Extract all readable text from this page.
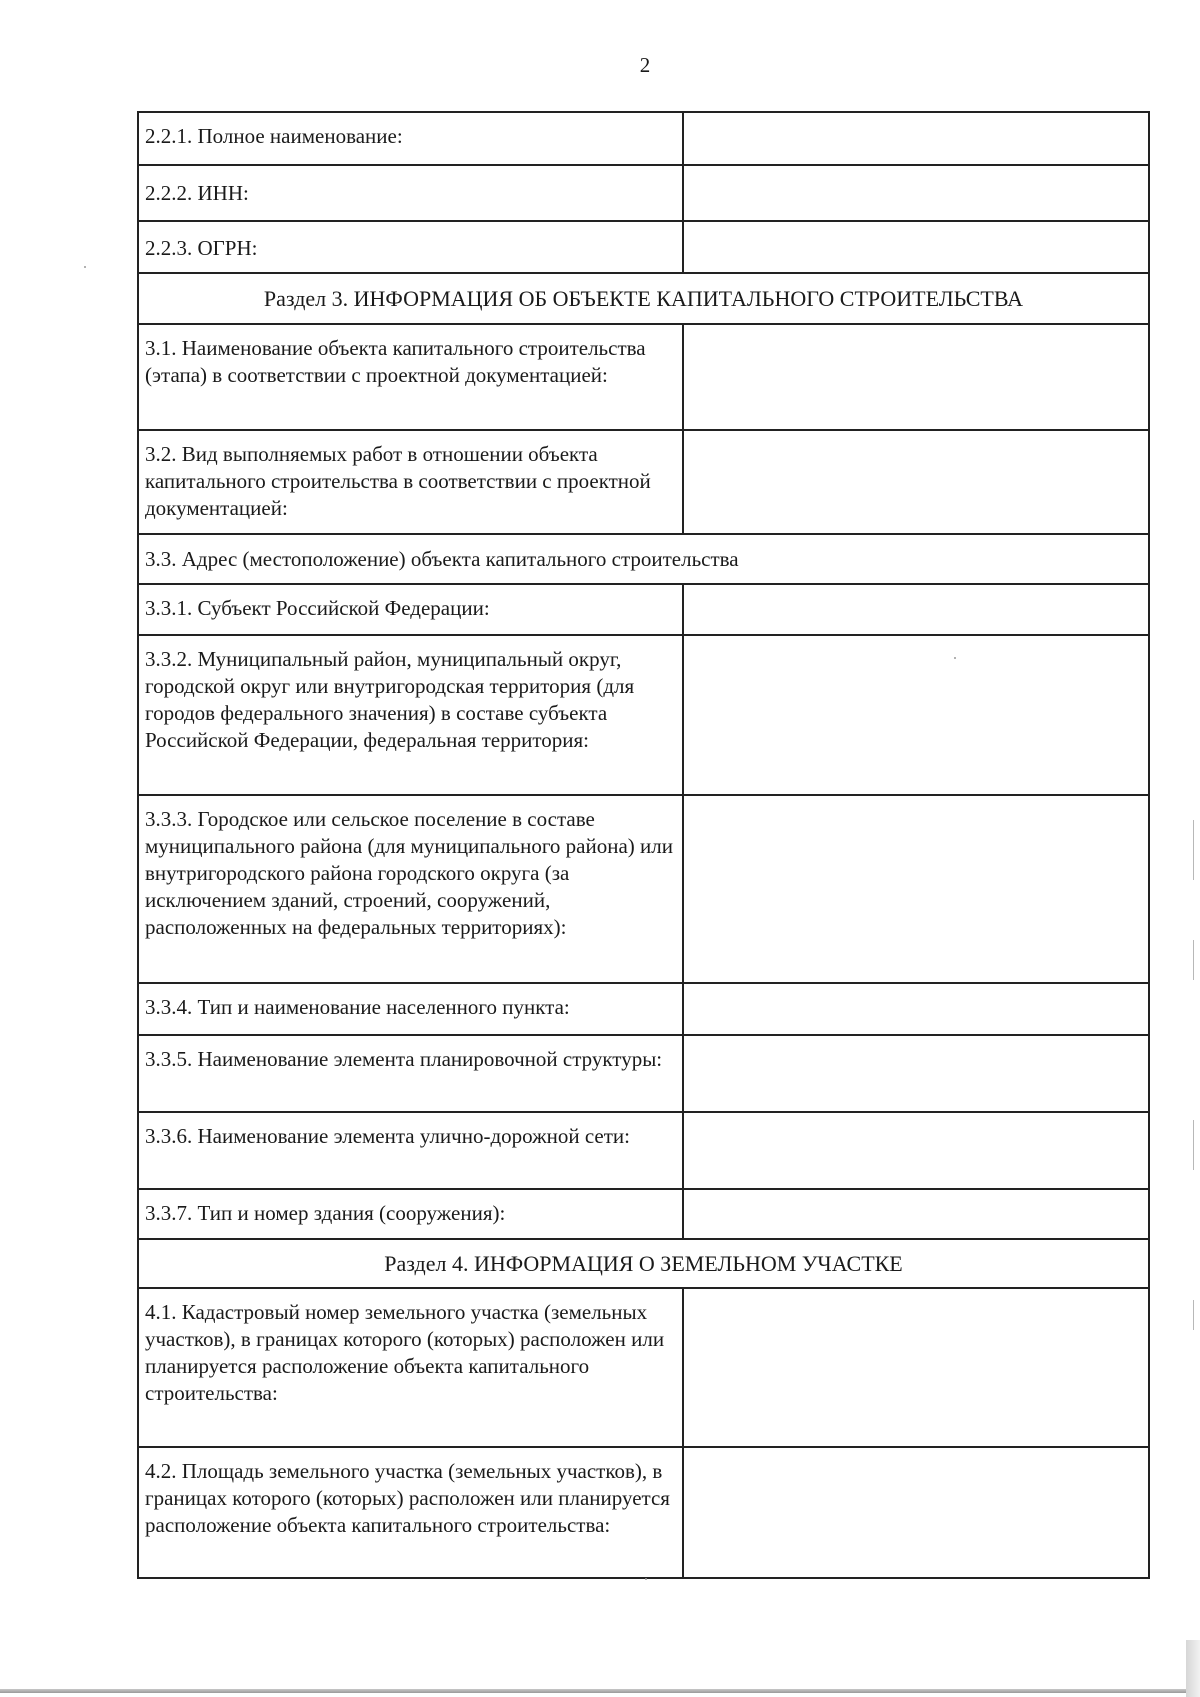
2
2.2.1. Полное наименование:	
2.2.2. ИНН:	
2.2.3. ОГРН:	
Раздел 3. ИНФОРМАЦИЯ ОБ ОБЪЕКТЕ КАПИТАЛЬНОГО СТРОИТЕЛЬСТВА	
3.1. Наименование объекта капитального строительства (этапа) в соответствии с проектной документацией:	
3.2. Вид выполняемых работ в отношении объекта капитального строительства в соответствии с проектной документацией:	
3.3. Адрес (местоположение) объекта капитального строительства	
3.3.1. Субъект Российской Федерации:	
3.3.2. Муниципальный район, муниципальный округ, городской округ или внутригородская территория (для городов федерального значения) в составе субъекта Российской Федерации, федеральная территория:	
3.3.3. Городское или сельское поселение в составе муниципального района (для муниципального района) или внутригородского района городского округа (за исключением зданий, строений, сооружений, расположенных на федеральных территориях):	
3.3.4. Тип и наименование населенного пункта:	
3.3.5. Наименование элемента планировочной структуры:	
3.3.6. Наименование элемента улично-дорожной сети:	
3.3.7. Тип и номер здания (сооружения):	
Раздел 4. ИНФОРМАЦИЯ О ЗЕМЕЛЬНОМ УЧАСТКЕ	
4.1. Кадастровый номер земельного участка (земельных участков), в границах которого (которых) расположен или планируется расположение объекта капитального строительства:	
4.2. Площадь земельного участка (земельных участков), в границах которого (которых) расположен или планируется расположение объекта капитального строительства:	
